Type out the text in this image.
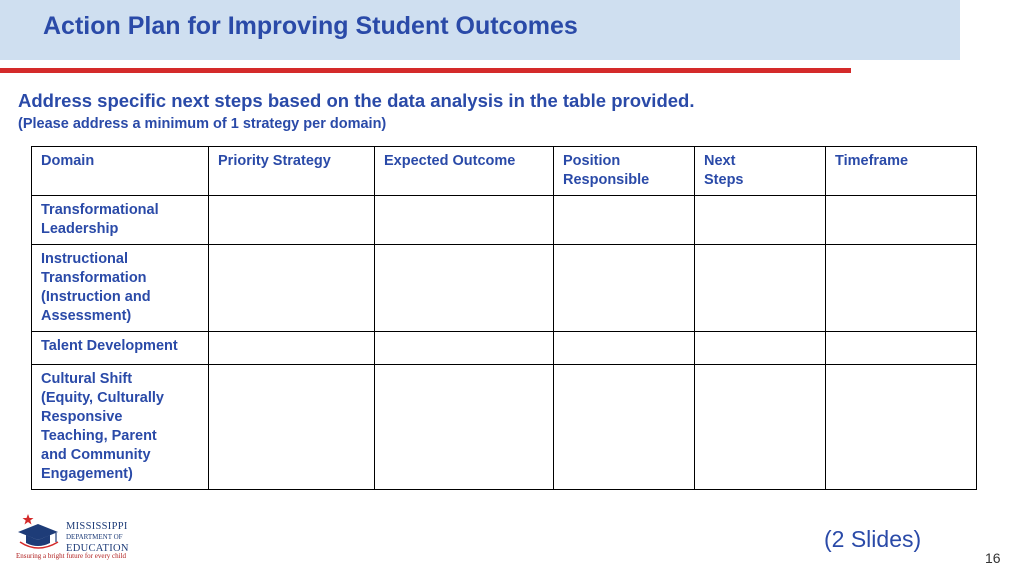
Action Plan for Improving Student Outcomes
Address specific next steps based on the data analysis in the table provided.
(Please address a minimum of 1 strategy per domain)
Domain	Priority Strategy	Expected Outcome	Position Responsible	Next Steps	Timeframe
Transformational Leadership					
Instructional Transformation (Instruction and Assessment)					
Talent Development					
Cultural Shift (Equity, Culturally Responsive Teaching, Parent and Community Engagement)					
MISSISSIPPI
DEPARTMENT OF
EDUCATION
Ensuring a bright future for every child
(2 Slides)
16
